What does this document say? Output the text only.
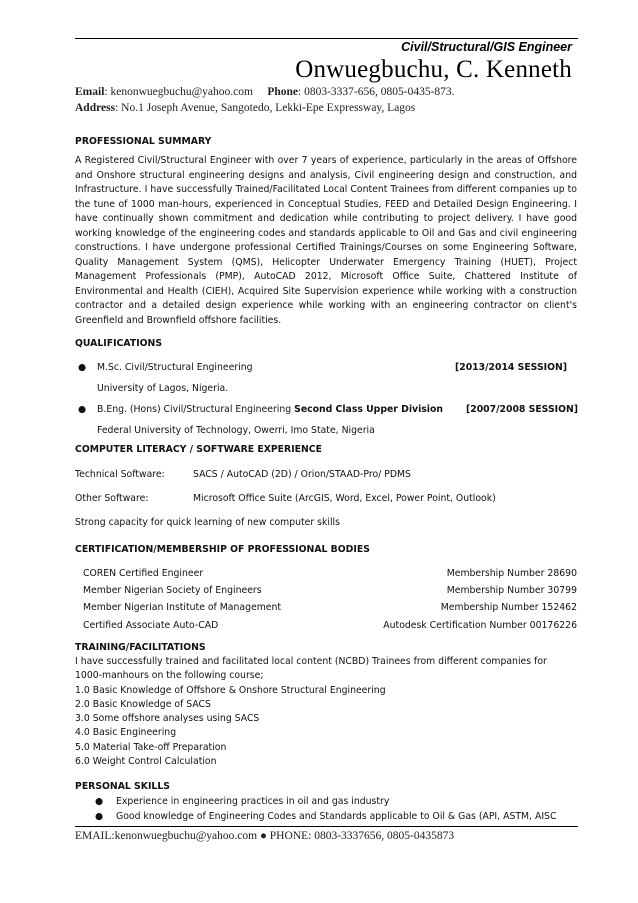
Civil/Structural/GIS Engineer
Onwuegbuchu, C. Kenneth
Email: kenonwuegbuchu@yahoo.com Phone: 0803-3337-656, 0805-0435-873.
Address: No.1 Joseph Avenue, Sangotedo, Lekki-Epe Expressway, Lagos
PROFESSIONAL SUMMARY
A Registered Civil/Structural Engineer with over 7 years of experience, particularly in the areas of Offshore and Onshore structural engineering designs and analysis, Civil engineering design and construction, and Infrastructure. I have successfully Trained/Facilitated Local Content Trainees from different companies up to the tune of 1000 man-hours, experienced in Conceptual Studies, FEED and Detailed Design Engineering. I have continually shown commitment and dedication while contributing to project delivery. I have good working knowledge of the engineering codes and standards applicable to Oil and Gas and civil engineering constructions. I have undergone professional Certified Trainings/Courses on some Engineering Software, Quality Management System (QMS), Helicopter Underwater Emergency Training (HUET), Project Management Professionals (PMP), AutoCAD 2012, Microsoft Office Suite, Chattered Institute of Environmental and Health (CIEH), Acquired Site Supervision experience while working with a construction contractor and a detailed design experience while working with an engineering contractor on client's Greenfield and Brownfield offshore facilities.
QUALIFICATIONS
● M.Sc. Civil/Structural Engineering	[2013/2014 SESSION]
University of Lagos, Nigeria.
● B.Eng. (Hons) Civil/Structural Engineering Second Class Upper Division [2007/2008 SESSION]
Federal University of Technology, Owerri, Imo State, Nigeria
COMPUTER LITERACY / SOFTWARE EXPERIENCE
Technical Software:	SACS / AutoCAD (2D) / Orion/STAAD-Pro/ PDMS
Other Software:	Microsoft Office Suite (ArcGIS, Word, Excel, Power Point, Outlook)
Strong capacity for quick learning of new computer skills
CERTIFICATION/MEMBERSHIP OF PROFESSIONAL BODIES
COREN Certified Engineer	Membership Number 28690
Member Nigerian Society of Engineers	Membership Number 30799
Member Nigerian Institute of Management	Membership Number 152462
Certified Associate Auto-CAD	Autodesk Certification Number 00176226
TRAINING/FACILITATIONS
I have successfully trained and facilitated local content (NCBD) Trainees from different companies for
1000-manhours on the following course;
1.0 Basic Knowledge of Offshore & Onshore Structural Engineering
2.0 Basic Knowledge of SACS
3.0 Some offshore analyses using SACS
4.0 Basic Engineering
5.0 Material Take-off Preparation
6.0 Weight Control Calculation
PERSONAL SKILLS
● Experience in engineering practices in oil and gas industry
● Good knowledge of Engineering Codes and Standards applicable to Oil & Gas (API, ASTM, AISC
EMAIL:kenonwuegbuchu@yahoo.com ● PHONE: 0803-3337656, 0805-0435873
